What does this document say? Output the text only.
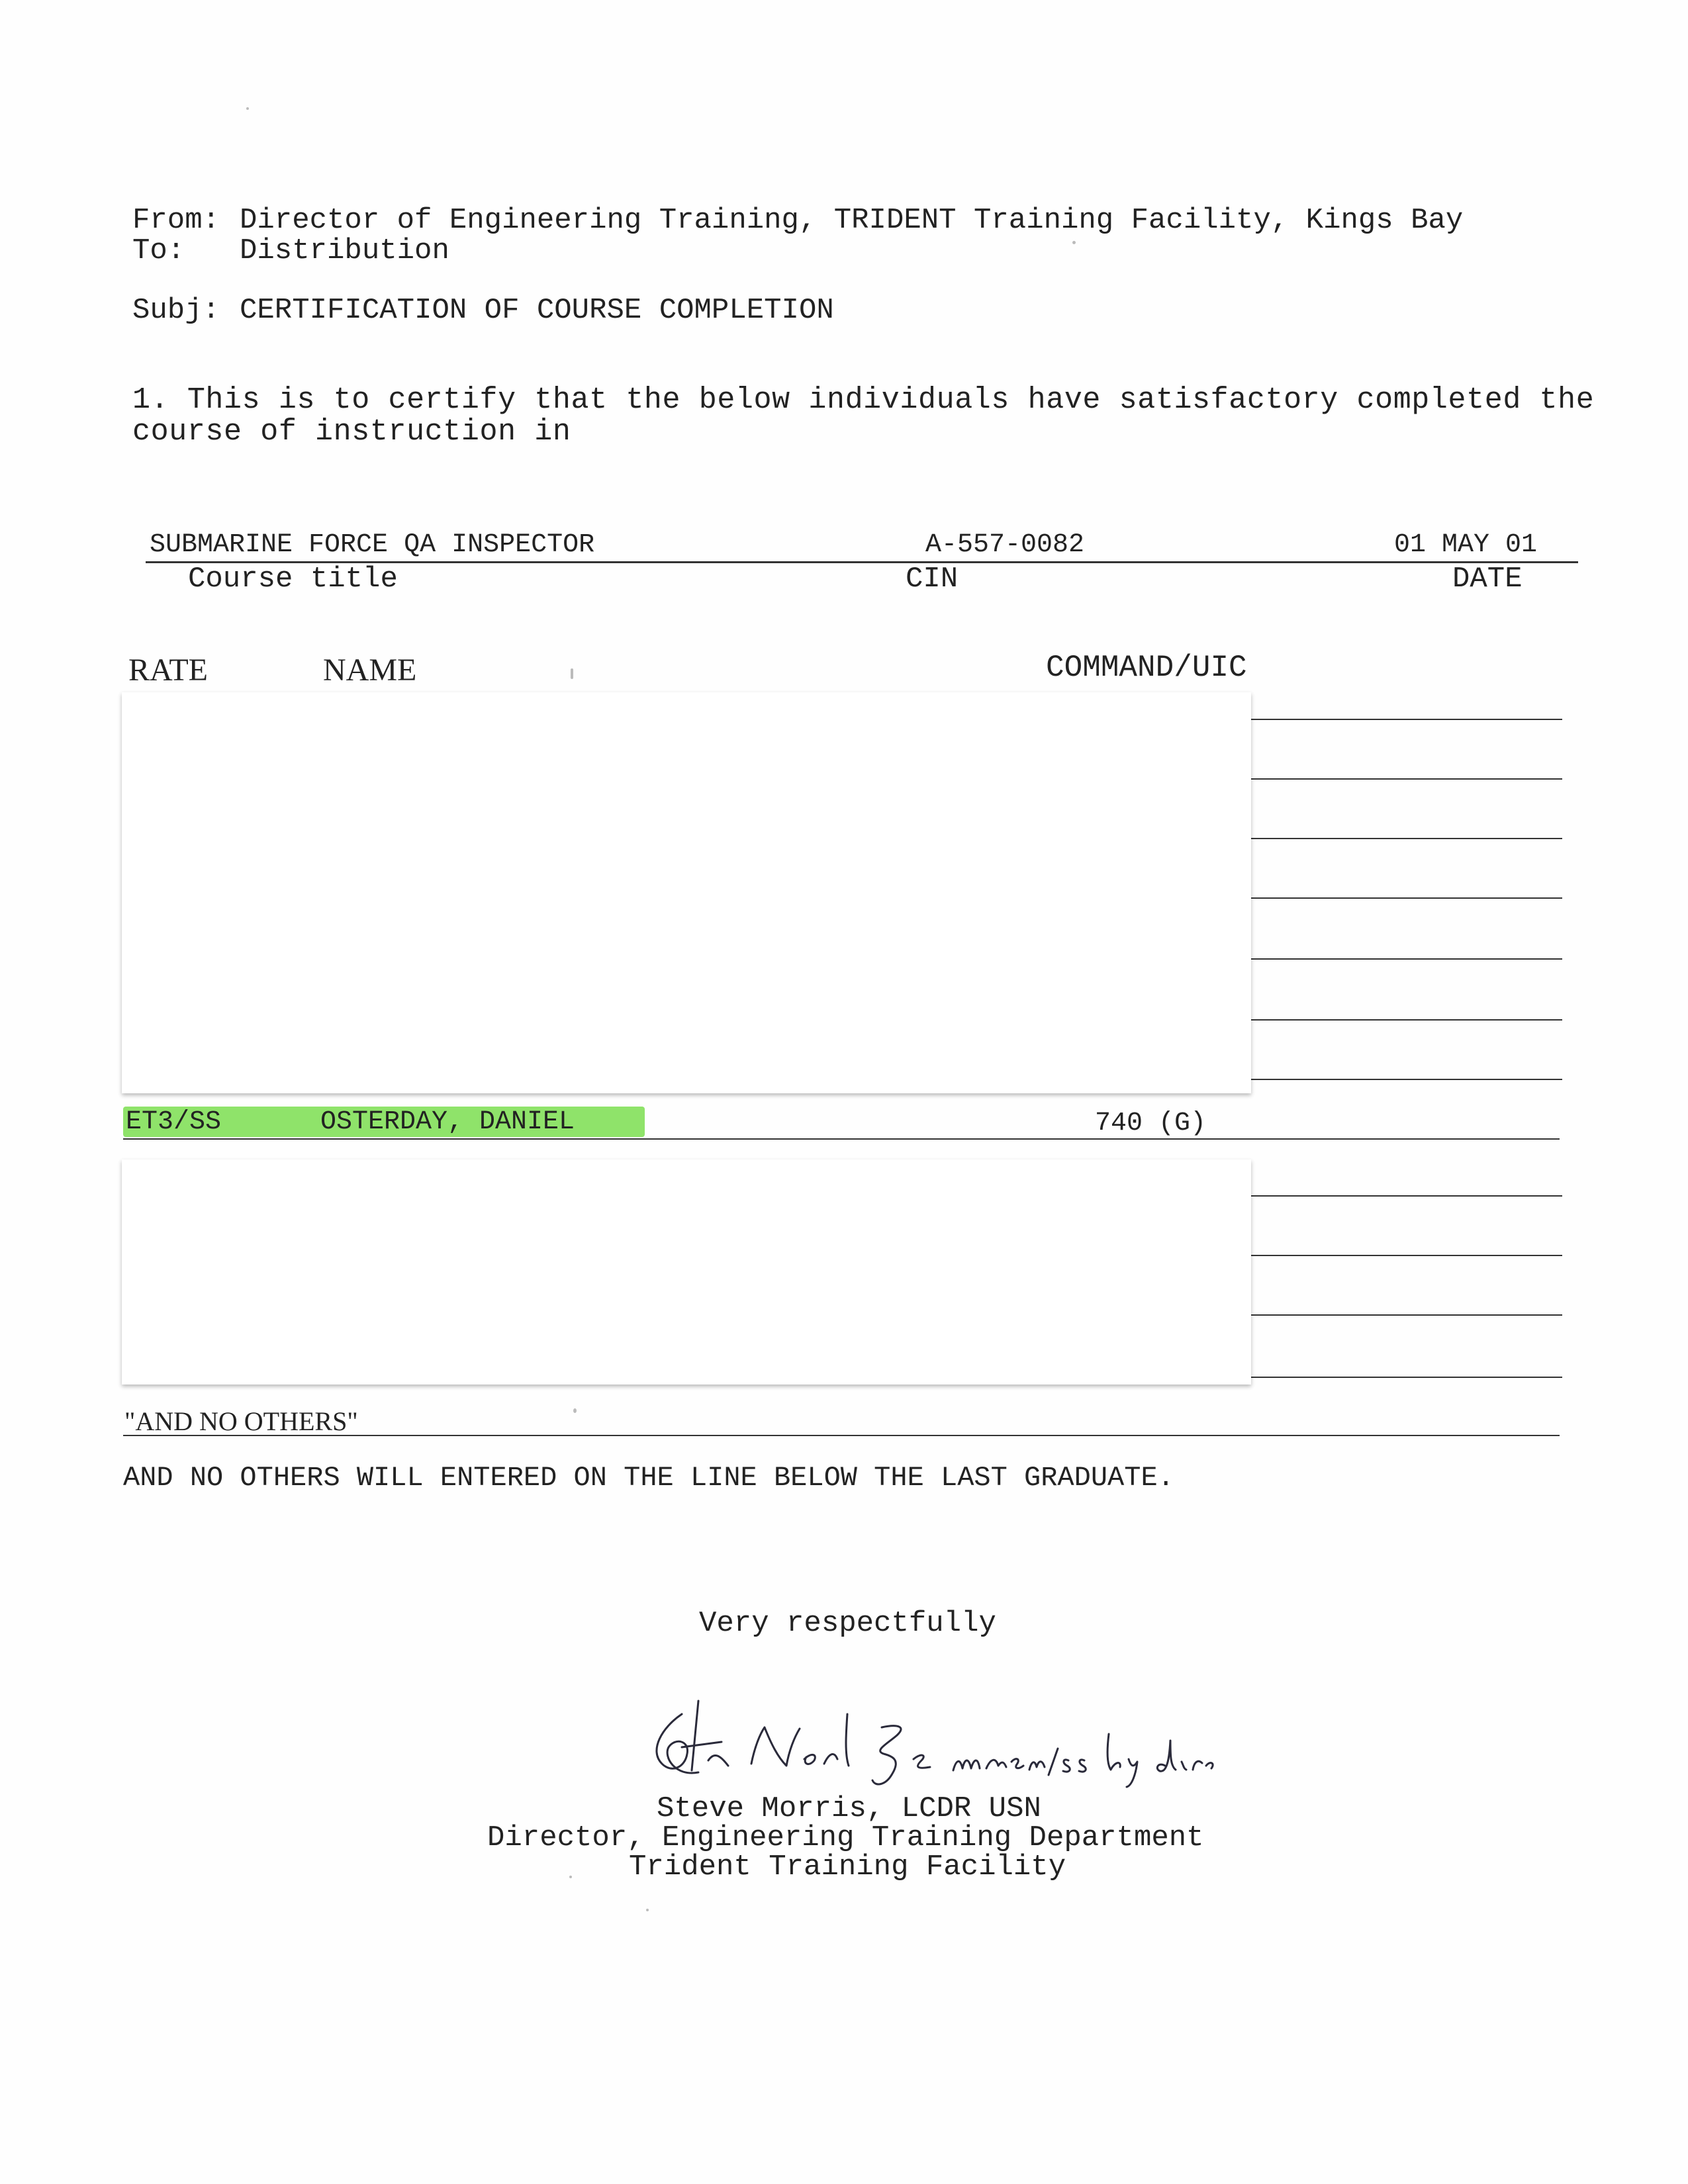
From: Director of Engineering Training, TRIDENT Training Facility, Kings Bay
To: Distribution
Subj: CERTIFICATION OF COURSE COMPLETION
1. This is to certify that the below individuals have satisfactory completed the
course of instruction in
SUBMARINE FORCE QA INSPECTOR	A-557-0082	01 MAY 01
Course title	CIN	DATE
RATE	NAME	COMMAND/UIC
ET3/SS	OSTERDAY, DANIEL	740 (G)
"AND NO OTHERS"
AND NO OTHERS WILL ENTERED ON THE LINE BELOW THE LAST GRADUATE.
Very respectfully
Steve Morris, LCDR USN
Director, Engineering Training Department
Trident Training Facility
